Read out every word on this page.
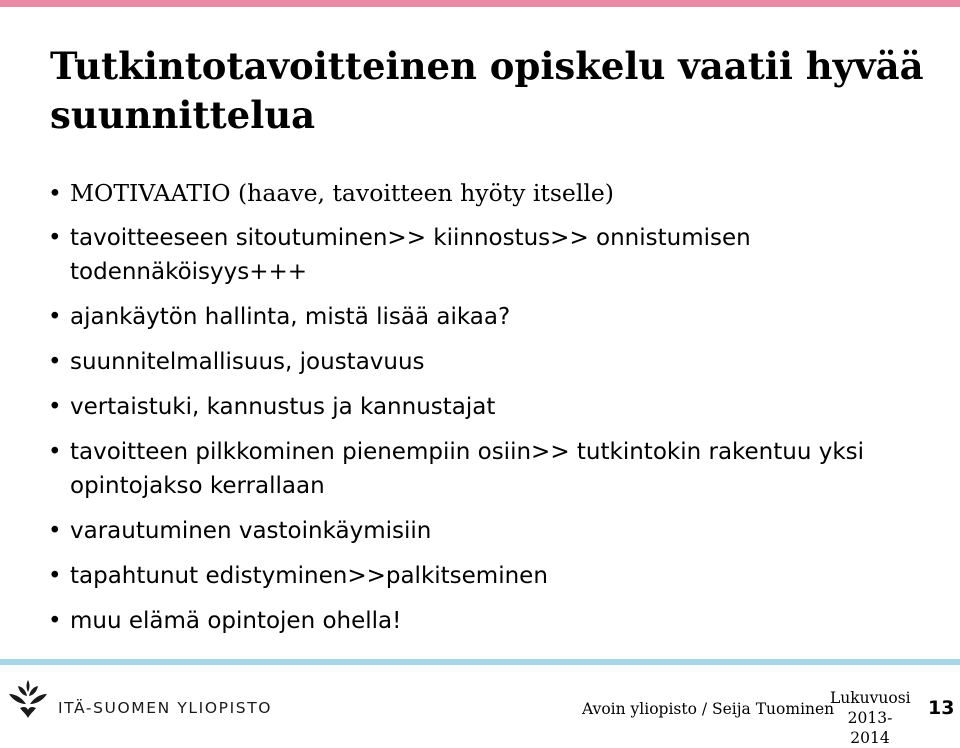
Tutkintotavoitteinen opiskelu vaatii hyvää suunnittelua
• MOTIVAATIO (haave, tavoitteen hyöty itselle)
• tavoitteeseen sitoutuminen>> kiinnostus>> onnistumisen todennäköisyys+++
• ajankäytön hallinta, mistä lisää aikaa?
• suunnitelmallisuus, joustavuus
• vertaistuki, kannustus ja kannustajat
• tavoitteen pilkkominen pienempiin osiin>> tutkintokin rakentuu yksi opintojakso kerrallaan
• varautuminen vastoinkäymisiin
• tapahtunut edistyminen>>palkitseminen
• muu elämä opintojen ohella!
ITÄ-SUOMEN YLIOPISTO	Avoin yliopisto / Seija Tuominen
Lukuvuosi
2013-2014
13
